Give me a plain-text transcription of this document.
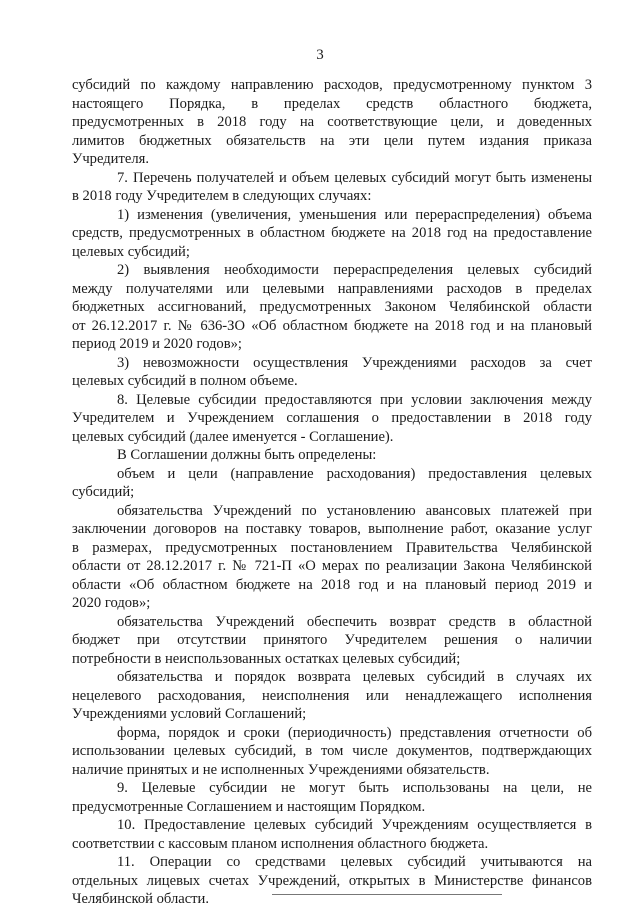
3
субсидий по каждому направлению расходов, предусмотренному пунктом 3
настоящего Порядка, в пределах средств областного бюджета,
предусмотренных в 2018 году на соответствующие цели, и доведенных
лимитов бюджетных обязательств на эти цели путем издания приказа
Учредителя.
7. Перечень получателей и объем целевых субсидий могут быть изменены
в 2018 году Учредителем в следующих случаях:
1) изменения (увеличения, уменьшения или перераспределения) объема
средств, предусмотренных в областном бюджете на 2018 год на предоставление
целевых субсидий;
2) выявления необходимости перераспределения целевых субсидий
между получателями или целевыми направлениями расходов в пределах
бюджетных ассигнований, предусмотренных Законом Челябинской области
от 26.12.2017 г. № 636-ЗО «Об областном бюджете на 2018 год и на плановый
период 2019 и 2020 годов»;
3) невозможности осуществления Учреждениями расходов за счет
целевых субсидий в полном объеме.
8. Целевые субсидии предоставляются при условии заключения между
Учредителем и Учреждением соглашения о предоставлении в 2018 году
целевых субсидий (далее именуется - Соглашение).
В Соглашении должны быть определены:
объем и цели (направление расходования) предоставления целевых
субсидий;
обязательства Учреждений по установлению авансовых платежей при
заключении договоров на поставку товаров, выполнение работ, оказание услуг
в размерах, предусмотренных постановлением Правительства Челябинской
области от 28.12.2017 г. № 721-П «О мерах по реализации Закона Челябинской
области «Об областном бюджете на 2018 год и на плановый период 2019 и
2020 годов»;
обязательства Учреждений обеспечить возврат средств в областной
бюджет при отсутствии принятого Учредителем решения о наличии
потребности в неиспользованных остатках целевых субсидий;
обязательства и порядок возврата целевых субсидий в случаях их
нецелевого расходования, неисполнения или ненадлежащего исполнения
Учреждениями условий Соглашений;
форма, порядок и сроки (периодичность) представления отчетности об
использовании целевых субсидий, в том числе документов, подтверждающих
наличие принятых и не исполненных Учреждениями обязательств.
9. Целевые субсидии не могут быть использованы на цели, не
предусмотренные Соглашением и настоящим Порядком.
10. Предоставление целевых субсидий Учреждениям осуществляется в
соответствии с кассовым планом исполнения областного бюджета.
11. Операции со средствами целевых субсидий учитываются на
отдельных лицевых счетах Учреждений, открытых в Министерстве финансов
Челябинской области.
